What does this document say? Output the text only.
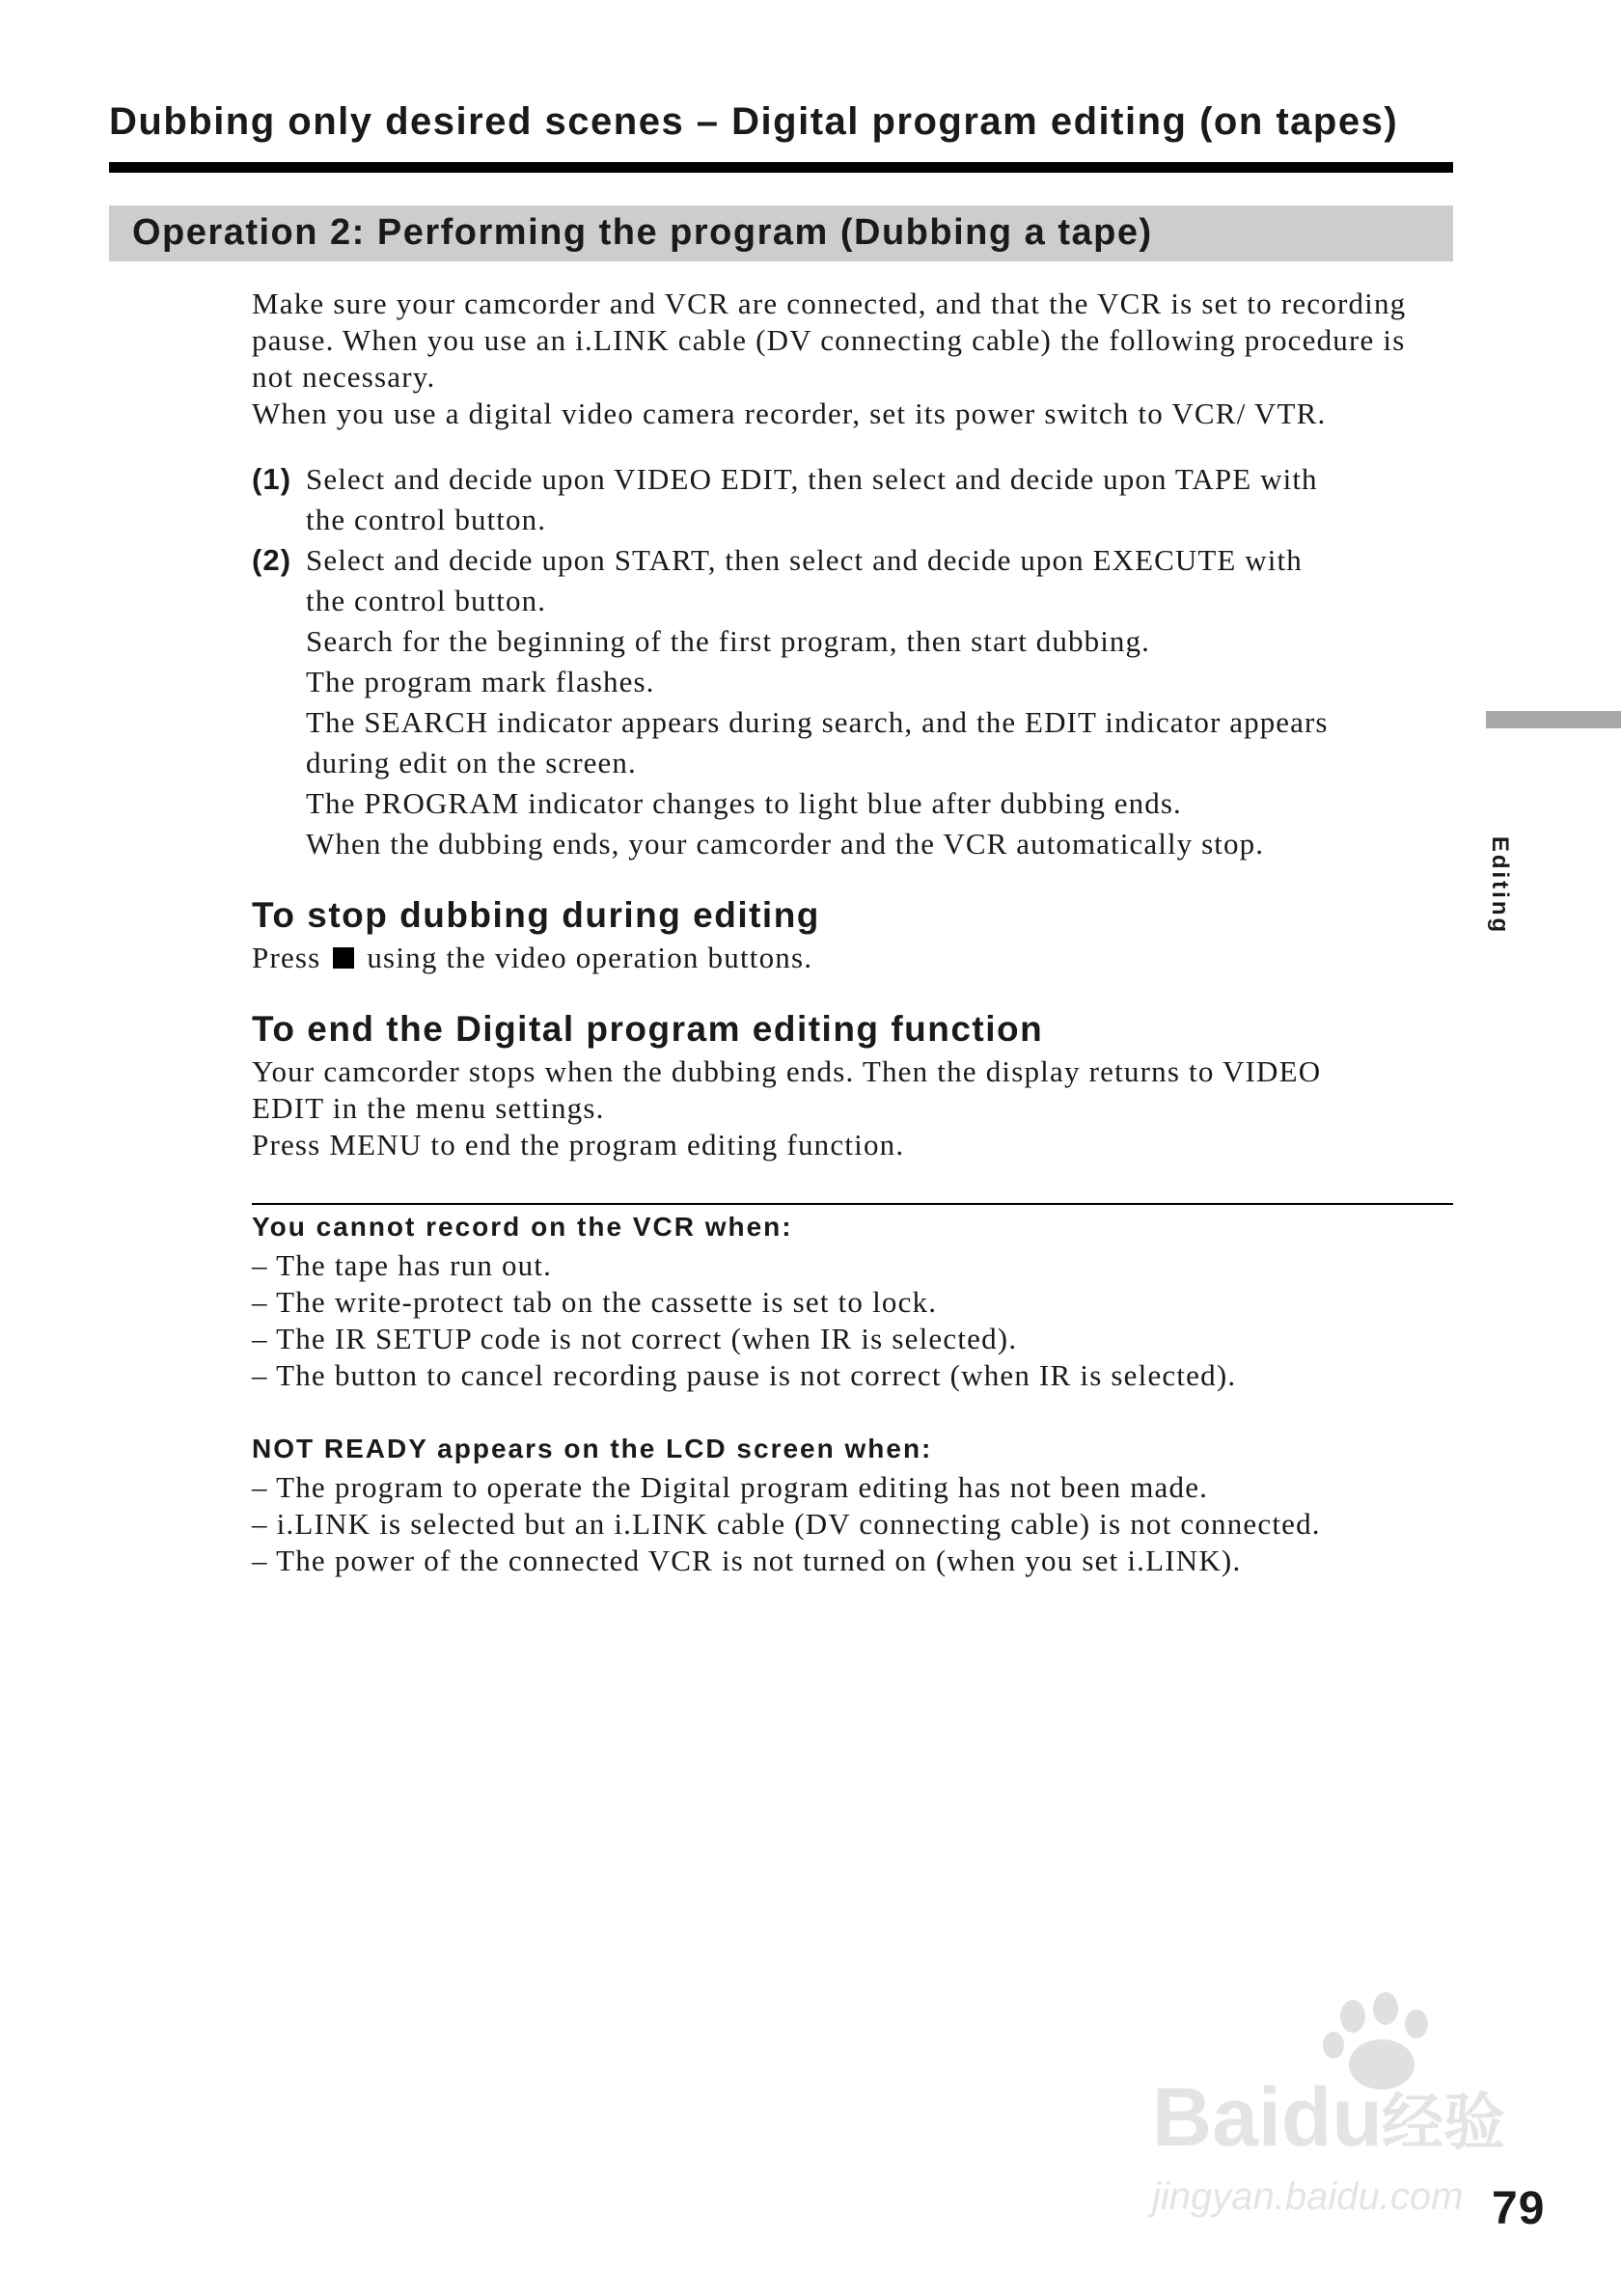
Dubbing only desired scenes – Digital program editing (on tapes)
Operation 2: Performing the program (Dubbing a tape)
Make sure your camcorder and VCR are connected, and that the VCR is set to recording
pause. When you use an i.LINK cable (DV connecting cable) the following procedure is
not necessary.
When you use a digital video camera recorder, set its power switch to VCR/ VTR.
(1) Select and decide upon VIDEO EDIT, then select and decide upon TAPE with
the control button.
(2) Select and decide upon START, then select and decide upon EXECUTE with
the control button.
Search for the beginning of the first program, then start dubbing.
The program mark flashes.
The SEARCH indicator appears during search, and the EDIT indicator appears
during edit on the screen.
The PROGRAM indicator changes to light blue after dubbing ends.
When the dubbing ends, your camcorder and the VCR automatically stop.
To stop dubbing during editing
Press using the video operation buttons.
To end the Digital program editing function
Your camcorder stops when the dubbing ends. Then the display returns to VIDEO
EDIT in the menu settings.
Press MENU to end the program editing function.
You cannot record on the VCR when:
– The tape has run out.
– The write-protect tab on the cassette is set to lock.
– The IR SETUP code is not correct (when IR is selected).
– The button to cancel recording pause is not correct (when IR is selected).
NOT READY appears on the LCD screen when:
– The program to operate the Digital program editing has not been made.
– i.LINK is selected but an i.LINK cable (DV connecting cable) is not connected.
– The power of the connected VCR is not turned on (when you set i.LINK).
Editing
Baidu 经验
jingyan.baidu.com 79
